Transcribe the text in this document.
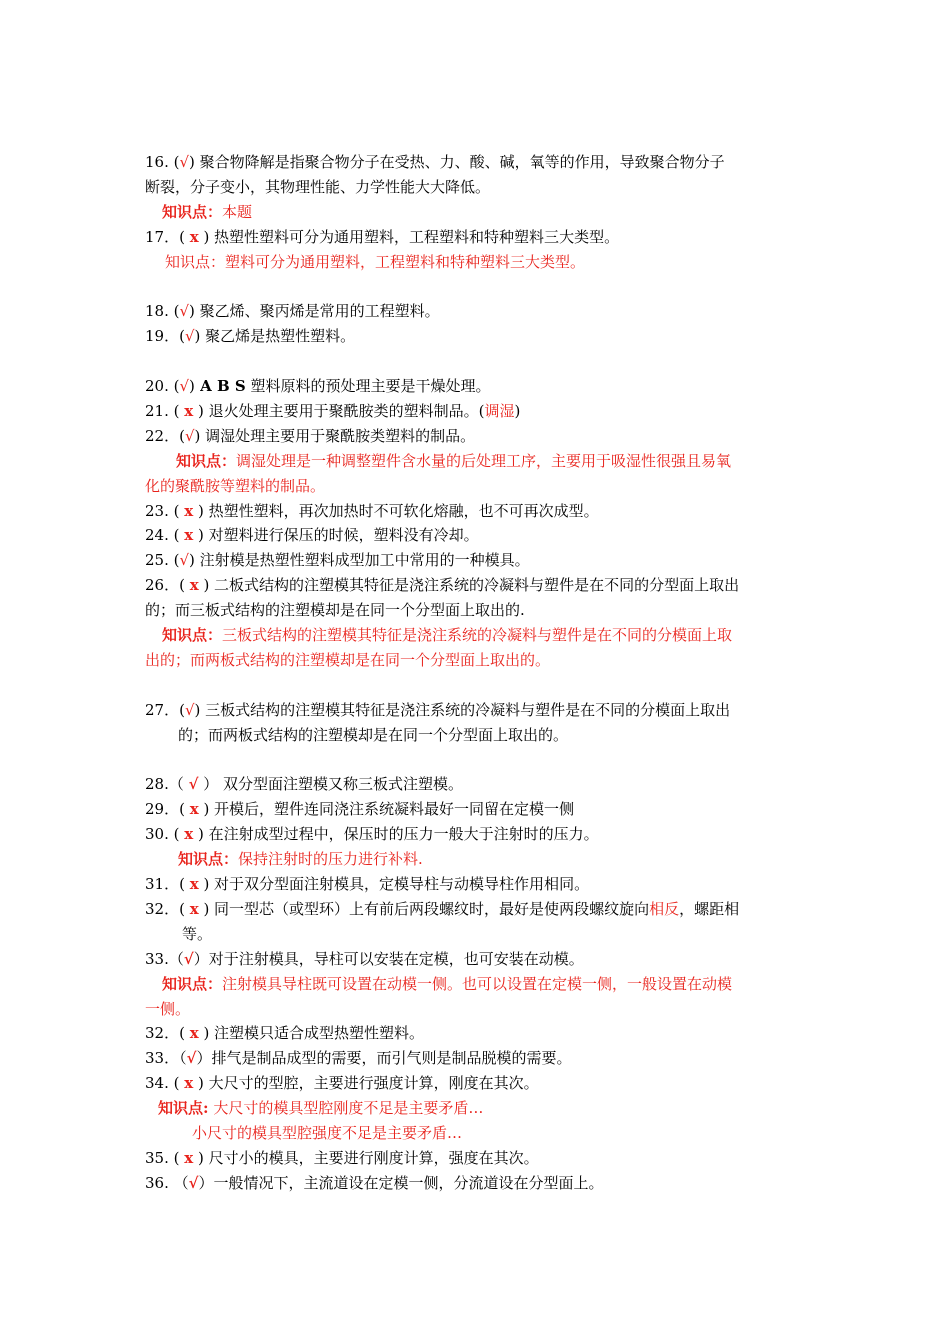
16. (√) 聚合物降解是指聚合物分子在受热、力、酸、碱，氧等的作用，导致聚合物分子
断裂，分子变小，其物理性能、力学性能大大降低。
知识点：本题
17．( x ) 热塑性塑料可分为通用塑料，工程塑料和特种塑料三大类型。
知识点：塑料可分为通用塑料，工程塑料和特种塑料三大类型。
18. (√) 聚乙烯、聚丙烯是常用的工程塑料。
19．(√) 聚乙烯是热塑性塑料。
20. (√) A B S 塑料原料的预处理主要是干燥处理。
21. ( x ) 退火处理主要用于聚酰胺类的塑料制品。(调湿)
22．(√) 调湿处理主要用于聚酰胺类塑料的制品。
知识点：调湿处理是一种调整塑件含水量的后处理工序，主要用于吸湿性很强且易氧
化的聚酰胺等塑料的制品。
23. ( x ) 热塑性塑料，再次加热时不可软化熔融，也不可再次成型。
24. ( x ) 对塑料进行保压的时候，塑料没有冷却。
25. (√) 注射模是热塑性塑料成型加工中常用的一种模具。
26．( x ) 二板式结构的注塑模其特征是浇注系统的冷凝料与塑件是在不同的分型面上取出
的；而三板式结构的注塑模却是在同一个分型面上取出的.
知识点：三板式结构的注塑模其特征是浇注系统的冷凝料与塑件是在不同的分模面上取
出的；而两板式结构的注塑模却是在同一个分型面上取出的。
27．(√) 三板式结构的注塑模其特征是浇注系统的冷凝料与塑件是在不同的分模面上取出
的；而两板式结构的注塑模却是在同一个分型面上取出的。
28.（ √ ） 双分型面注塑模又称三板式注塑模。
29．( x ) 开模后，塑件连同浇注系统凝料最好一同留在定模一侧
30. ( x ) 在注射成型过程中，保压时的压力一般大于注射时的压力。
知识点：保持注射时的压力进行补料.
31．( x ) 对于双分型面注射模具，定模导柱与动模导柱作用相同。
32．( x ) 同一型芯（或型环）上有前后两段螺纹时，最好是使两段螺纹旋向相反，螺距相
等。
33.（√）对于注射模具，导柱可以安装在定模，也可安装在动模。
知识点：注射模具导柱既可设置在动模一侧。也可以设置在定模一侧，一般设置在动模
一侧。
32．( x ) 注塑模只适合成型热塑性塑料。
33．（√）排气是制品成型的需要，而引气则是制品脱模的需要。
34. ( x ) 大尺寸的型腔，主要进行强度计算，刚度在其次。
知识点: 大尺寸的模具型腔刚度不足是主要矛盾…
小尺寸的模具型腔强度不足是主要矛盾…
35. ( x ) 尺寸小的模具，主要进行刚度计算，强度在其次。
36. （√）一般情况下，主流道设在定模一侧，分流道设在分型面上。
